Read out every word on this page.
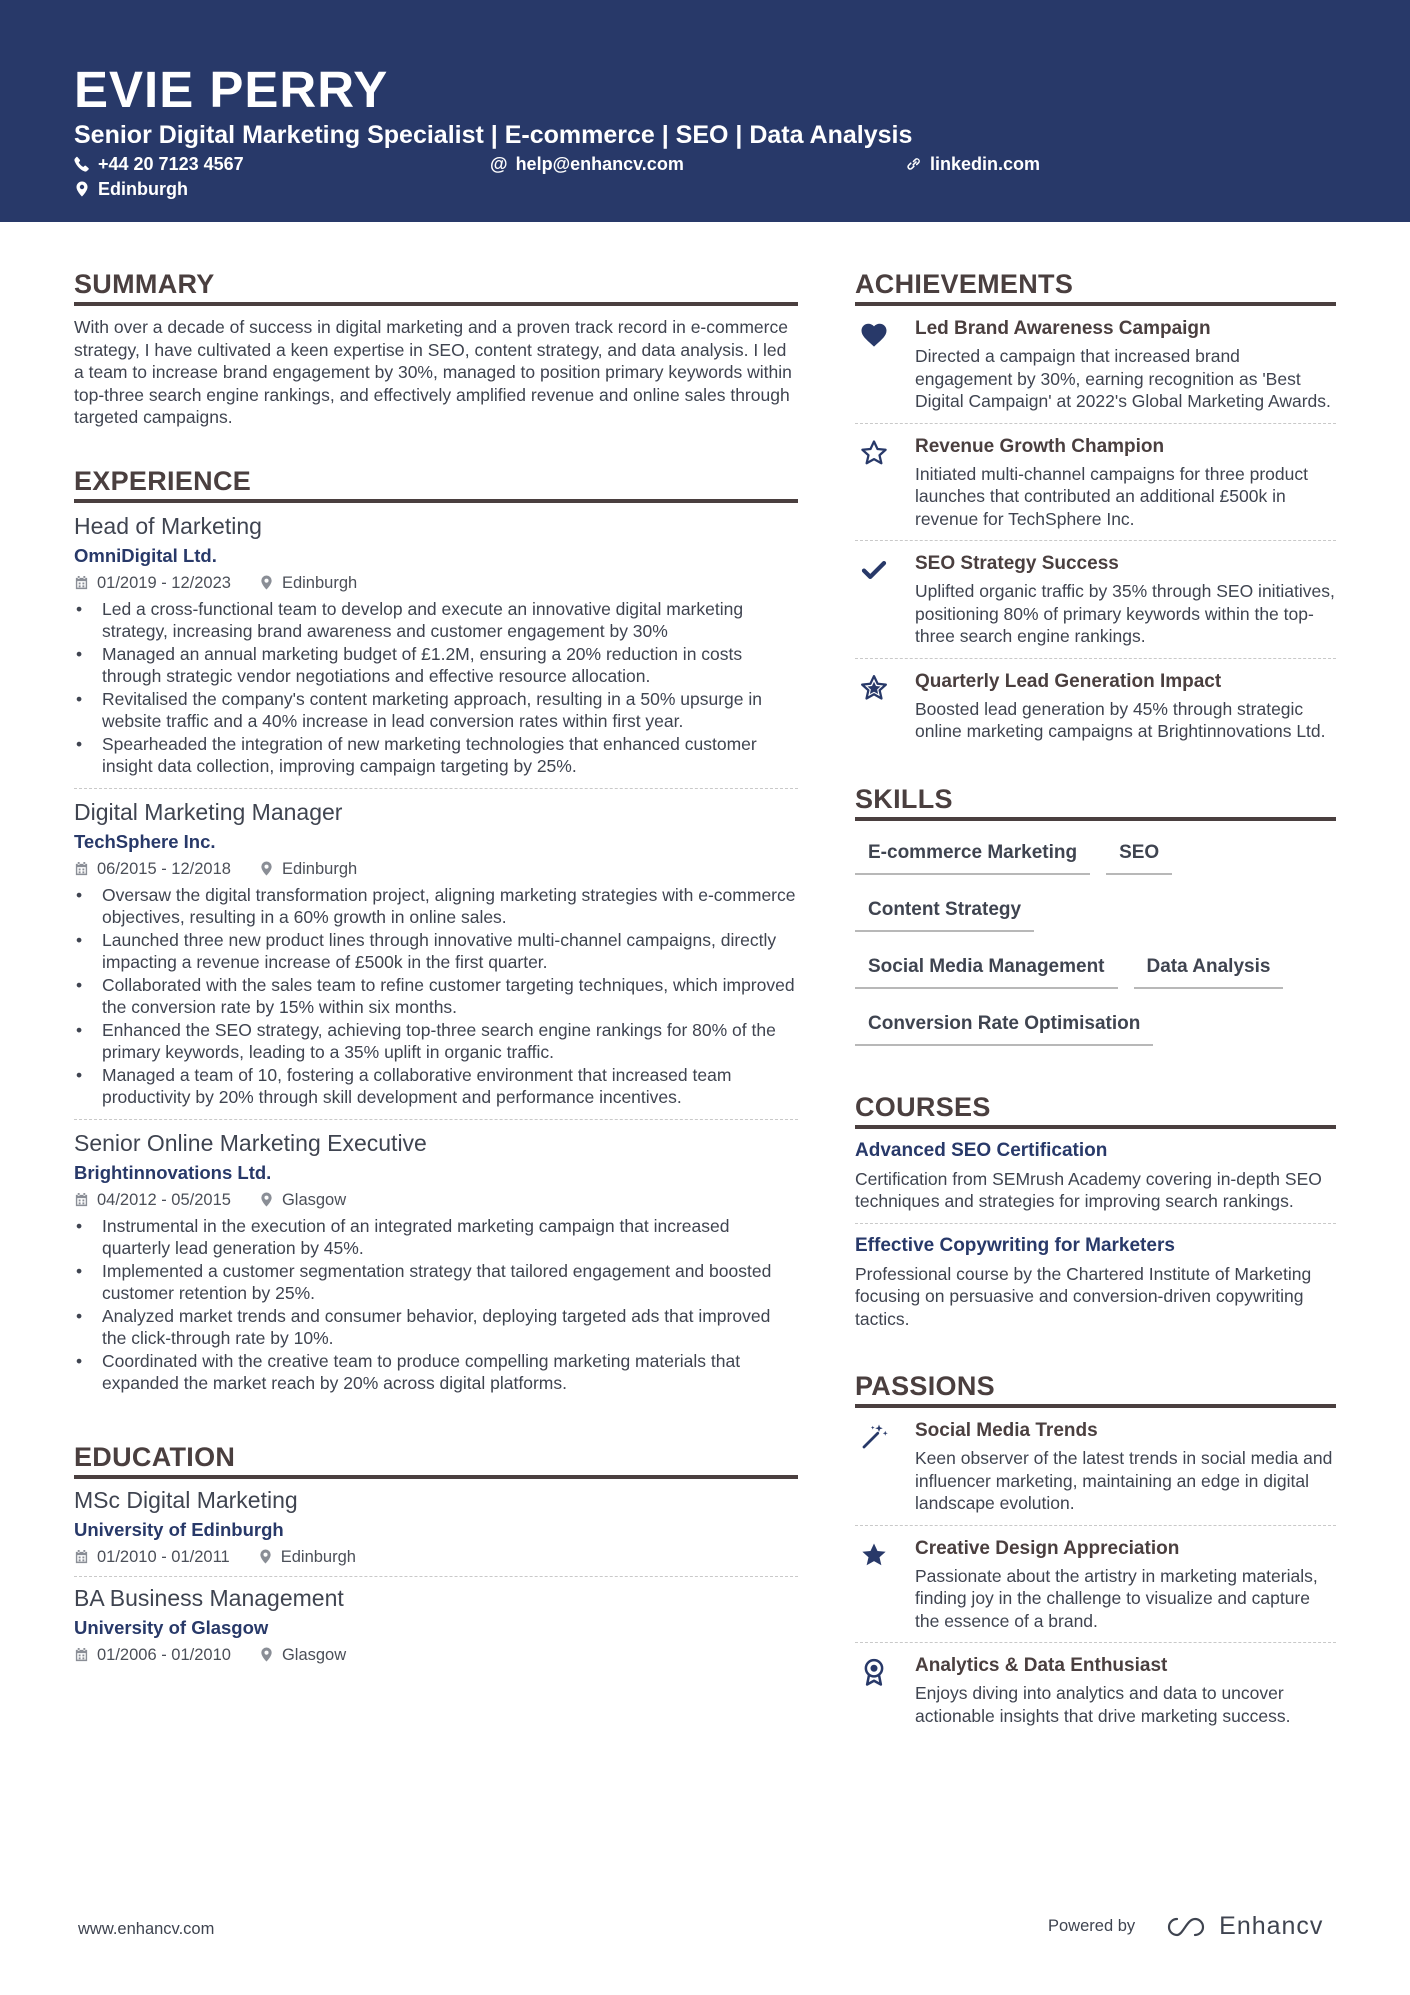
EVIE PERRY
Senior Digital Marketing Specialist | E-commerce | SEO | Data Analysis
+44 20 7123 4567	@ help@enhancv.com	linkedin.com
Edinburgh
SUMMARY
With over a decade of success in digital marketing and a proven track record in e-commerce strategy, I have cultivated a keen expertise in SEO, content strategy, and data analysis. I led a team to increase brand engagement by 30%, managed to position primary keywords within top-three search engine rankings, and effectively amplified revenue and online sales through targeted campaigns.
EXPERIENCE
Head of Marketing
OmniDigital Ltd.
01/2019 - 12/2023	Edinburgh
• Led a cross-functional team to develop and execute an innovative digital marketing strategy, increasing brand awareness and customer engagement by 30%
• Managed an annual marketing budget of £1.2M, ensuring a 20% reduction in costs through strategic vendor negotiations and effective resource allocation.
• Revitalised the company's content marketing approach, resulting in a 50% upsurge in website traffic and a 40% increase in lead conversion rates within first year.
• Spearheaded the integration of new marketing technologies that enhanced customer insight data collection, improving campaign targeting by 25%.
Digital Marketing Manager
TechSphere Inc.
06/2015 - 12/2018	Edinburgh
• Oversaw the digital transformation project, aligning marketing strategies with e-commerce objectives, resulting in a 60% growth in online sales.
• Launched three new product lines through innovative multi-channel campaigns, directly impacting a revenue increase of £500k in the first quarter.
• Collaborated with the sales team to refine customer targeting techniques, which improved the conversion rate by 15% within six months.
• Enhanced the SEO strategy, achieving top-three search engine rankings for 80% of the primary keywords, leading to a 35% uplift in organic traffic.
• Managed a team of 10, fostering a collaborative environment that increased team productivity by 20% through skill development and performance incentives.
Senior Online Marketing Executive
Brightinnovations Ltd.
04/2012 - 05/2015	Glasgow
• Instrumental in the execution of an integrated marketing campaign that increased quarterly lead generation by 45%.
• Implemented a customer segmentation strategy that tailored engagement and boosted customer retention by 25%.
• Analyzed market trends and consumer behavior, deploying targeted ads that improved the click-through rate by 10%.
• Coordinated with the creative team to produce compelling marketing materials that expanded the market reach by 20% across digital platforms.
EDUCATION
MSc Digital Marketing
University of Edinburgh
01/2010 - 01/2011	Edinburgh
BA Business Management
University of Glasgow
01/2006 - 01/2010	Glasgow
ACHIEVEMENTS
Led Brand Awareness Campaign
Directed a campaign that increased brand engagement by 30%, earning recognition as 'Best Digital Campaign' at 2022's Global Marketing Awards.
Revenue Growth Champion
Initiated multi-channel campaigns for three product launches that contributed an additional £500k in revenue for TechSphere Inc.
SEO Strategy Success
Uplifted organic traffic by 35% through SEO initiatives, positioning 80% of primary keywords within the top-three search engine rankings.
Quarterly Lead Generation Impact
Boosted lead generation by 45% through strategic online marketing campaigns at Brightinnovations Ltd.
SKILLS
E-commerce Marketing	SEO
Content Strategy
Social Media Management	Data Analysis
Conversion Rate Optimisation
COURSES
Advanced SEO Certification
Certification from SEMrush Academy covering in-depth SEO techniques and strategies for improving search rankings.
Effective Copywriting for Marketers
Professional course by the Chartered Institute of Marketing focusing on persuasive and conversion-driven copywriting tactics.
PASSIONS
Social Media Trends
Keen observer of the latest trends in social media and influencer marketing, maintaining an edge in digital landscape evolution.
Creative Design Appreciation
Passionate about the artistry in marketing materials, finding joy in the challenge to visualize and capture the essence of a brand.
Analytics & Data Enthusiast
Enjoys diving into analytics and data to uncover actionable insights that drive marketing success.
www.enhancv.com	Powered by	Enhancv
